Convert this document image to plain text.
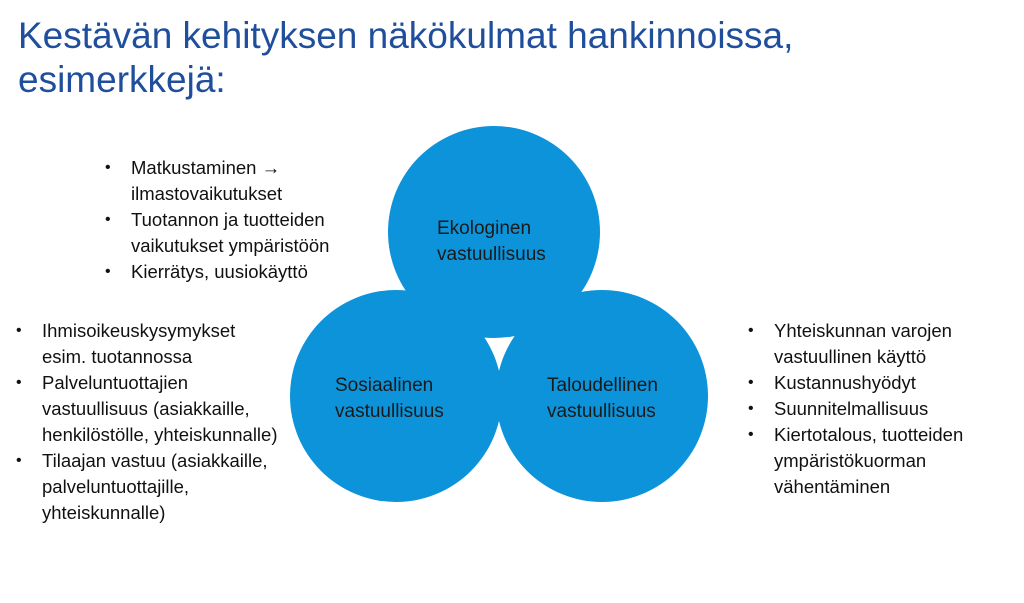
Kestävän kehityksen näkökulmat hankinnoissa,
esimerkkejä:
Ekologinen
vastuullisuus
Sosiaalinen
vastuullisuus
Taloudellinen
vastuullisuus
• Matkustaminen → ilmastovaikutukset
• Tuotannon ja tuotteiden vaikutukset ympäristöön
• Kierrätys, uusiokäyttö
• Ihmisoikeuskysymykset esim. tuotannossa
• Palveluntuottajien vastuullisuus (asiakkaille, henkilöstölle, yhteiskunnalle)
• Tilaajan vastuu (asiakkaille, palveluntuottajille, yhteiskunnalle)
• Yhteiskunnan varojen vastuullinen käyttö
• Kustannushyödyt
• Suunnitelmallisuus
• Kiertotalous, tuotteiden ympäristökuorman vähentäminen
